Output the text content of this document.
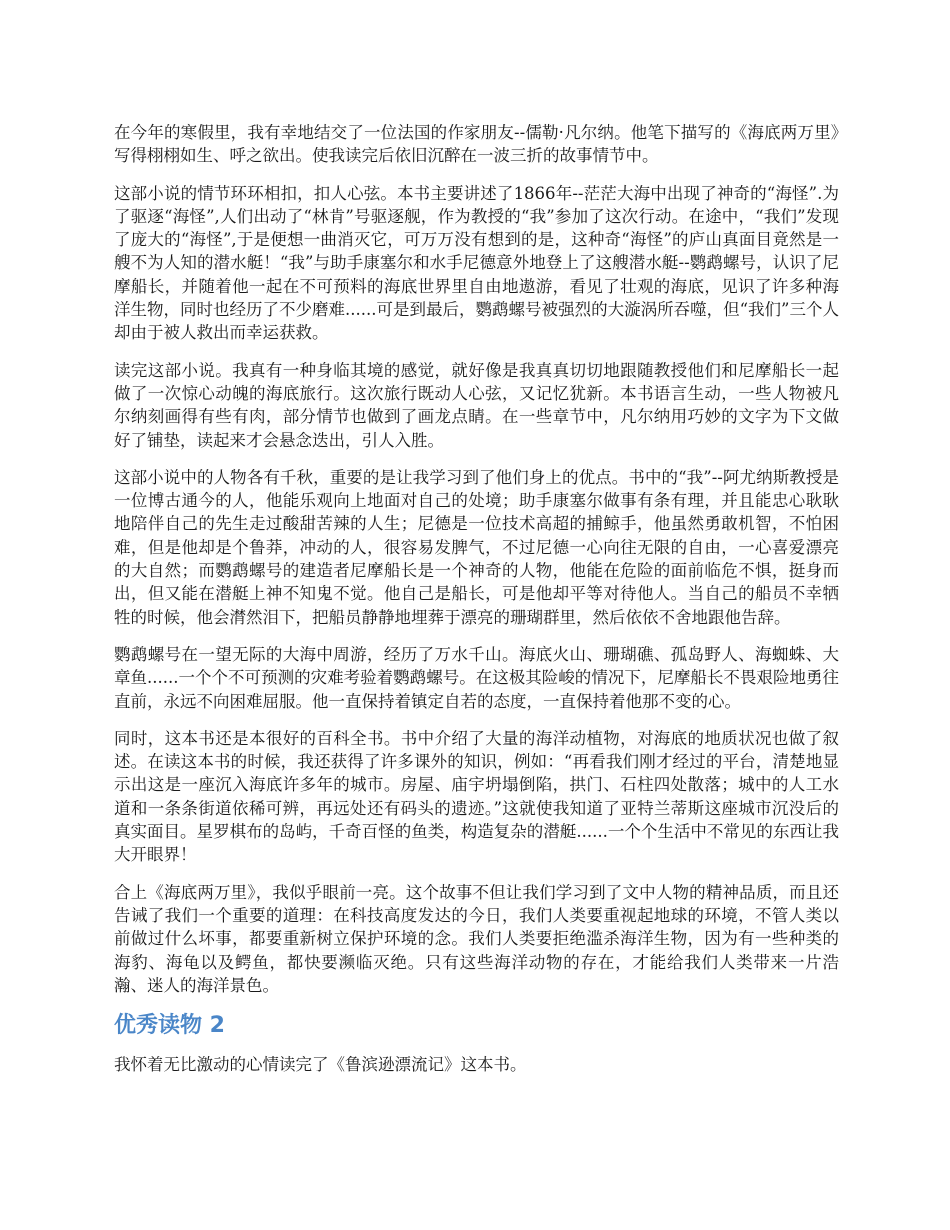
在今年的寒假里，我有幸地结交了一位法国的作家朋友--儒勒·凡尔纳。他笔下描写的《海底两万里》写得栩栩如生、呼之欲出。使我读完后依旧沉醉在一波三折的故事情节中。

这部小说的情节环环相扣，扣人心弦。本书主要讲述了1866年--茫茫大海中出现了神奇的“海怪”.为了驱逐“海怪”,人们出动了“林肯”号驱逐舰，作为教授的“我”参加了这次行动。在途中，“我们”发现了庞大的“海怪”,于是便想一曲消灭它，可万万没有想到的是，这种奇“海怪”的庐山真面目竟然是一艘不为人知的潜水艇！“我”与助手康塞尔和水手尼德意外地登上了这艘潜水艇--鹦鹉螺号，认识了尼摩船长，并随着他一起在不可预料的海底世界里自由地遨游，看见了壮观的海底，见识了许多种海洋生物，同时也经历了不少磨难......可是到最后，鹦鹉螺号被强烈的大漩涡所吞噬，但“我们”三个人却由于被人救出而幸运获救。

读完这部小说。我真有一种身临其境的感觉，就好像是我真真切切地跟随教授他们和尼摩船长一起做了一次惊心动魄的海底旅行。这次旅行既动人心弦，又记忆犹新。本书语言生动，一些人物被凡尔纳刻画得有些有肉，部分情节也做到了画龙点睛。在一些章节中，凡尔纳用巧妙的文字为下文做好了铺垫，读起来才会悬念迭出，引人入胜。

这部小说中的人物各有千秋，重要的是让我学习到了他们身上的优点。书中的“我”--阿尤纳斯教授是一位博古通今的人，他能乐观向上地面对自己的处境；助手康塞尔做事有条有理，并且能忠心耿耿地陪伴自己的先生走过酸甜苦辣的人生；尼德是一位技术高超的捕鲸手，他虽然勇敢机智，不怕困难，但是他却是个鲁莽，冲动的人，很容易发脾气，不过尼德一心向往无限的自由，一心喜爱漂亮的大自然；而鹦鹉螺号的建造者尼摩船长是一个神奇的人物，他能在危险的面前临危不惧，挺身而出，但又能在潜艇上神不知鬼不觉。他自己是船长，可是他却平等对待他人。当自己的船员不幸牺牲的时候，他会潸然泪下，把船员静静地埋葬于漂亮的珊瑚群里，然后依依不舍地跟他告辞。

鹦鹉螺号在一望无际的大海中周游，经历了万水千山。海底火山、珊瑚礁、孤岛野人、海蜘蛛、大章鱼......一个个不可预测的灾难考验着鹦鹉螺号。在这极其险峻的情况下，尼摩船长不畏艰险地勇往直前，永远不向困难屈服。他一直保持着镇定自若的态度，一直保持着他那不变的心。

同时，这本书还是本很好的百科全书。书中介绍了大量的海洋动植物，对海底的地质状况也做了叙述。在读这本书的时候，我还获得了许多课外的知识，例如：“再看我们刚才经过的平台，清楚地显示出这是一座沉入海底许多年的城市。房屋、庙宇坍塌倒陷，拱门、石柱四处散落；城中的人工水道和一条条街道依稀可辨，再远处还有码头的遗迹。”这就使我知道了亚特兰蒂斯这座城市沉没后的真实面目。星罗棋布的岛屿，千奇百怪的鱼类，构造复杂的潜艇......一个个生活中不常见的东西让我大开眼界！

合上《海底两万里》，我似乎眼前一亮。这个故事不但让我们学习到了文中人物的精神品质，而且还告诫了我们一个重要的道理：在科技高度发达的今日，我们人类要重视起地球的环境，不管人类以前做过什么坏事，都要重新树立保护环境的念。我们人类要拒绝滥杀海洋生物，因为有一些种类的海豹、海龟以及鳄鱼，都快要濒临灭绝。只有这些海洋动物的存在，才能给我们人类带来一片浩瀚、迷人的海洋景色。

优秀读物 2

我怀着无比激动的心情读完了《鲁滨逊漂流记》这本书。
